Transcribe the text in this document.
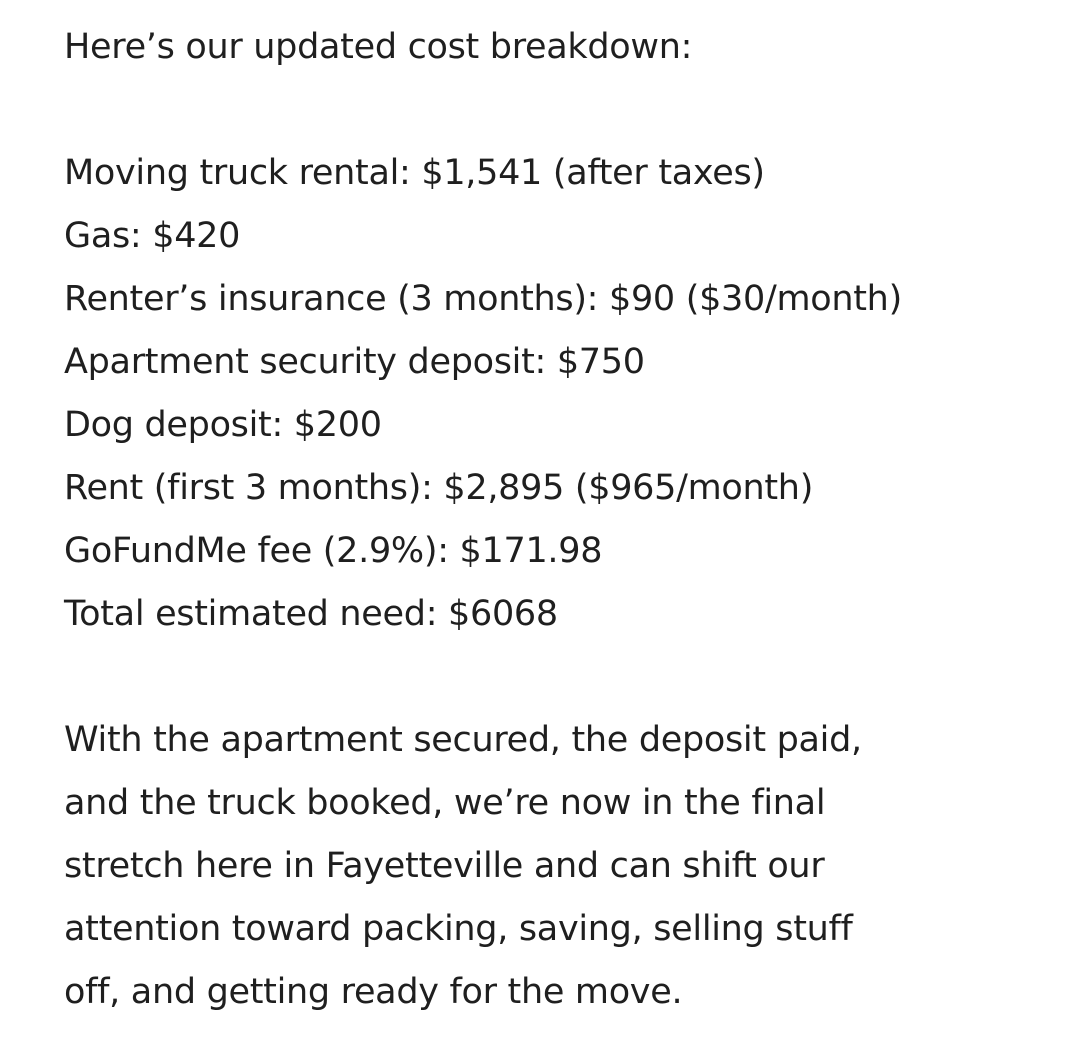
Here’s our updated cost breakdown:
Moving truck rental: $1,541 (after taxes)
Gas: $420
Renter’s insurance (3 months): $90 ($30/month)
Apartment security deposit: $750
Dog deposit: $200
Rent (first 3 months): $2,895 ($965/month)
GoFundMe fee (2.9%): $171.98
Total estimated need: $6068
With the apartment secured, the deposit paid,
and the truck booked, we’re now in the final
stretch here in Fayetteville and can shift our
attention toward packing, saving, selling stuff
off, and getting ready for the move.
